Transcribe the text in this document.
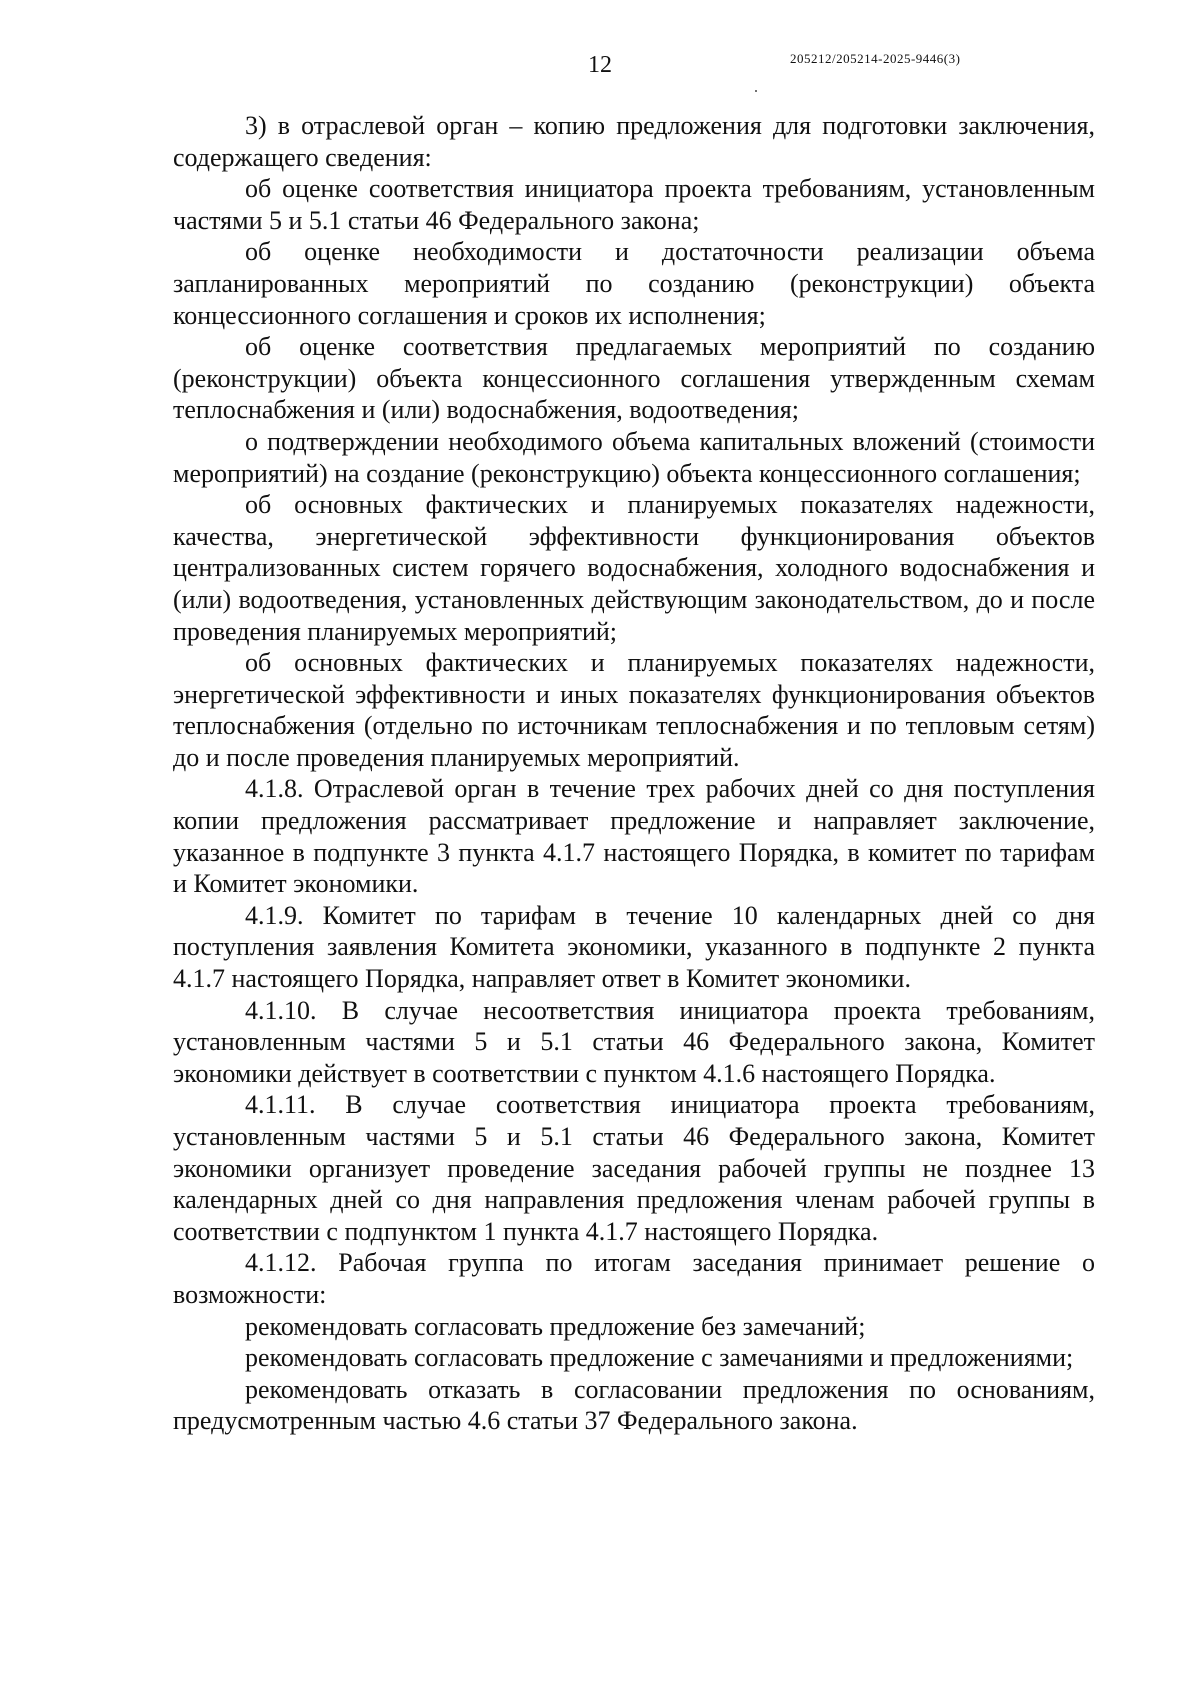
12	205212/205214-2025-9446(3)

3) в отраслевой орган – копию предложения для подготовки заключения, содержащего сведения:

об оценке соответствия инициатора проекта требованиям, установленным частями 5 и 5.1 статьи 46 Федерального закона;

об оценке необходимости и достаточности реализации объема запланированных мероприятий по созданию (реконструкции) объекта концессионного соглашения и сроков их исполнения;

об оценке соответствия предлагаемых мероприятий по созданию (реконструкции) объекта концессионного соглашения утвержденным схемам теплоснабжения и (или) водоснабжения, водоотведения;

о подтверждении необходимого объема капитальных вложений (стоимости мероприятий) на создание (реконструкцию) объекта концессионного соглашения;

об основных фактических и планируемых показателях надежности, качества, энергетической эффективности функционирования объектов централизованных систем горячего водоснабжения, холодного водоснабжения и (или) водоотведения, установленных действующим законодательством, до и после проведения планируемых мероприятий;

об основных фактических и планируемых показателях надежности, энергетической эффективности и иных показателях функционирования объектов теплоснабжения (отдельно по источникам теплоснабжения и по тепловым сетям) до и после проведения планируемых мероприятий.

4.1.8. Отраслевой орган в течение трех рабочих дней со дня поступления копии предложения рассматривает предложение и направляет заключение, указанное в подпункте 3 пункта 4.1.7 настоящего Порядка, в комитет по тарифам и Комитет экономики.

4.1.9. Комитет по тарифам в течение 10 календарных дней со дня поступления заявления Комитета экономики, указанного в подпункте 2 пункта 4.1.7 настоящего Порядка, направляет ответ в Комитет экономики.

4.1.10. В случае несоответствия инициатора проекта требованиям, установленным частями 5 и 5.1 статьи 46 Федерального закона, Комитет экономики действует в соответствии с пунктом 4.1.6 настоящего Порядка.

4.1.11. В случае соответствия инициатора проекта требованиям, установленным частями 5 и 5.1 статьи 46 Федерального закона, Комитет экономики организует проведение заседания рабочей группы не позднее 13 календарных дней со дня направления предложения членам рабочей группы в соответствии с подпунктом 1 пункта 4.1.7 настоящего Порядка.

4.1.12. Рабочая группа по итогам заседания принимает решение о возможности:

рекомендовать согласовать предложение без замечаний;

рекомендовать согласовать предложение с замечаниями и предложениями;

рекомендовать отказать в согласовании предложения по основаниям, предусмотренным частью 4.6 статьи 37 Федерального закона.
